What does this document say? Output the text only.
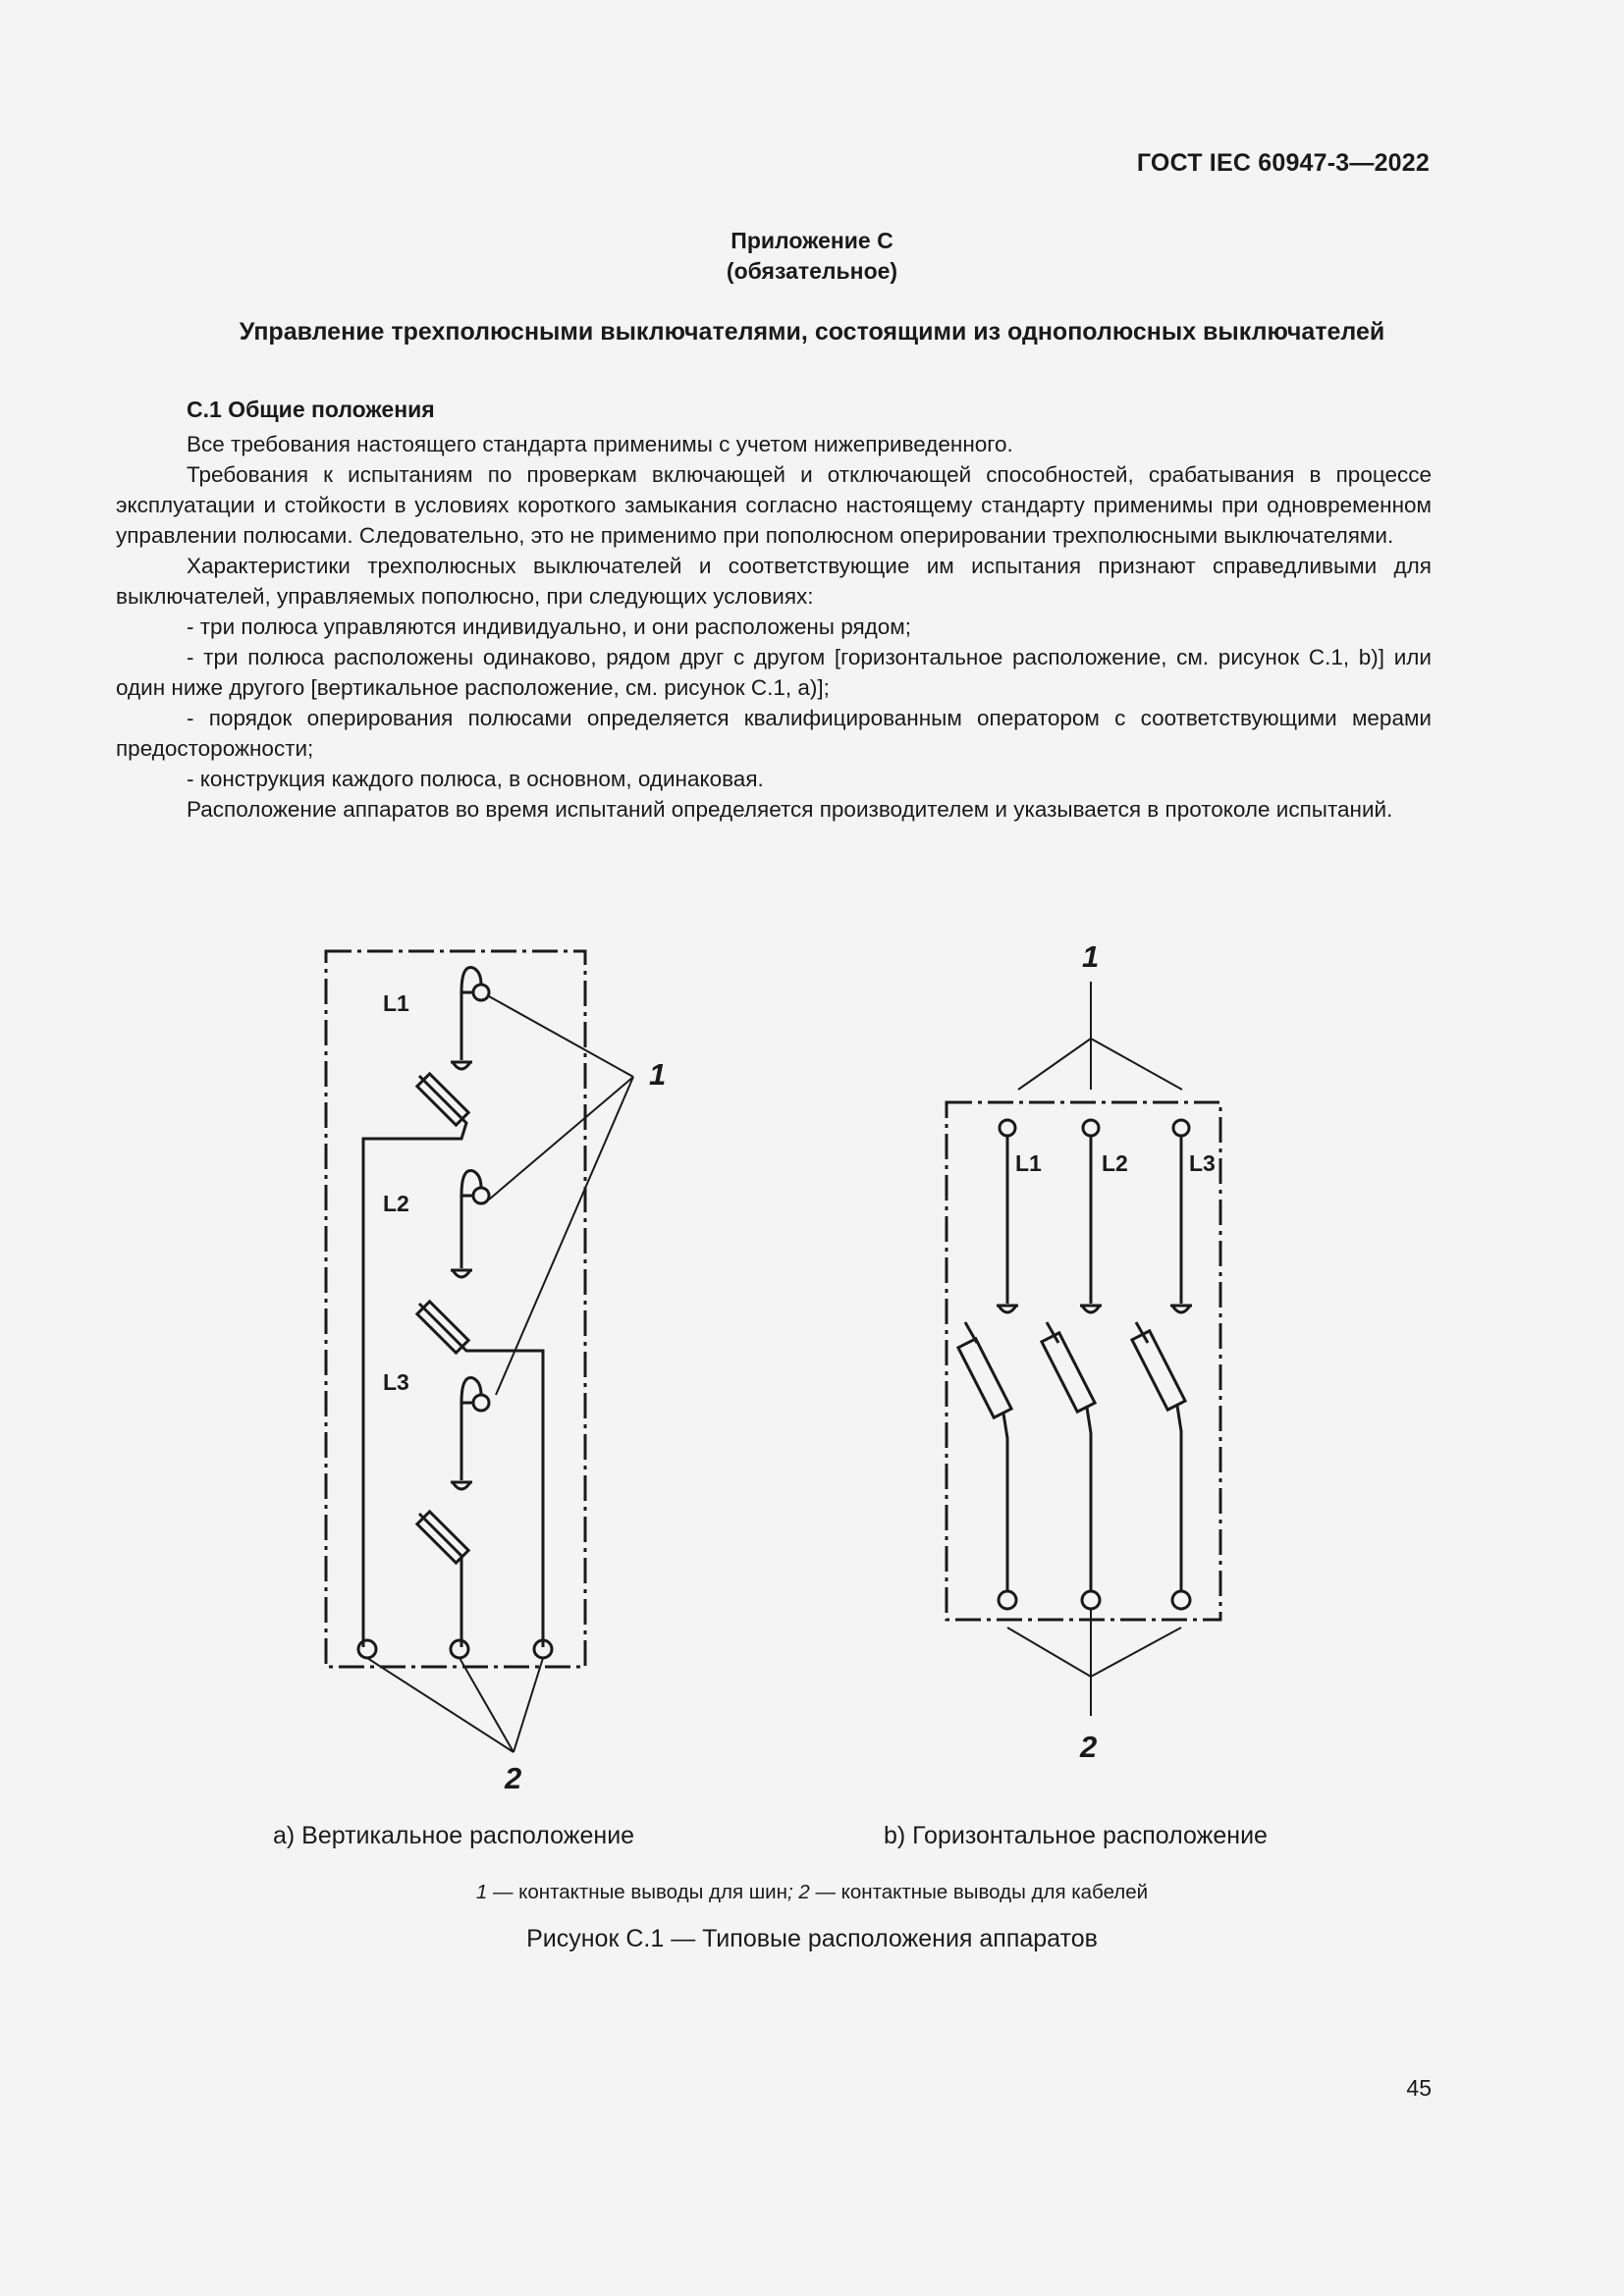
ГОСТ IEC 60947-3—2022
Приложение C
(обязательное)
Управление трехполюсными выключателями, состоящими из однополюсных выключателей
C.1 Общие положения

Все требования настоящего стандарта применимы с учетом нижеприведенного.

Требования к испытаниям по проверкам включающей и отключающей способностей, срабатывания в процессе эксплуатации и стойкости в условиях короткого замыкания согласно настоящему стандарту применимы при одновременном управлении полюсами. Следовательно, это не применимо при пополюсном оперировании трехполюсными выключателями.

Характеристики трехполюсных выключателей и соответствующие им испытания признают справедливыми для выключателей, управляемых пополюсно, при следующих условиях:

- три полюса управляются индивидуально, и они расположены рядом;

- три полюса расположены одинаково, рядом друг с другом [горизонтальное расположение, см. рисунок C.1, b)] или один ниже другого [вертикальное расположение, см. рисунок C.1, a)];

- порядок оперирования полюсами определяется квалифицированным оператором с соответствующими мерами предосторожности;

- конструкция каждого полюса, в основном, одинаковая.

Расположение аппаратов во время испытаний определяется производителем и указывается в протоколе испытаний.

L1
L2
L3
1
2
L1	L2	L3
1
2
a) Вертикальное расположение	b) Горизонтальное расположение
1 — контактные выводы для шин; 2 — контактные выводы для кабелей
Рисунок C.1 — Типовые расположения аппаратов
45
